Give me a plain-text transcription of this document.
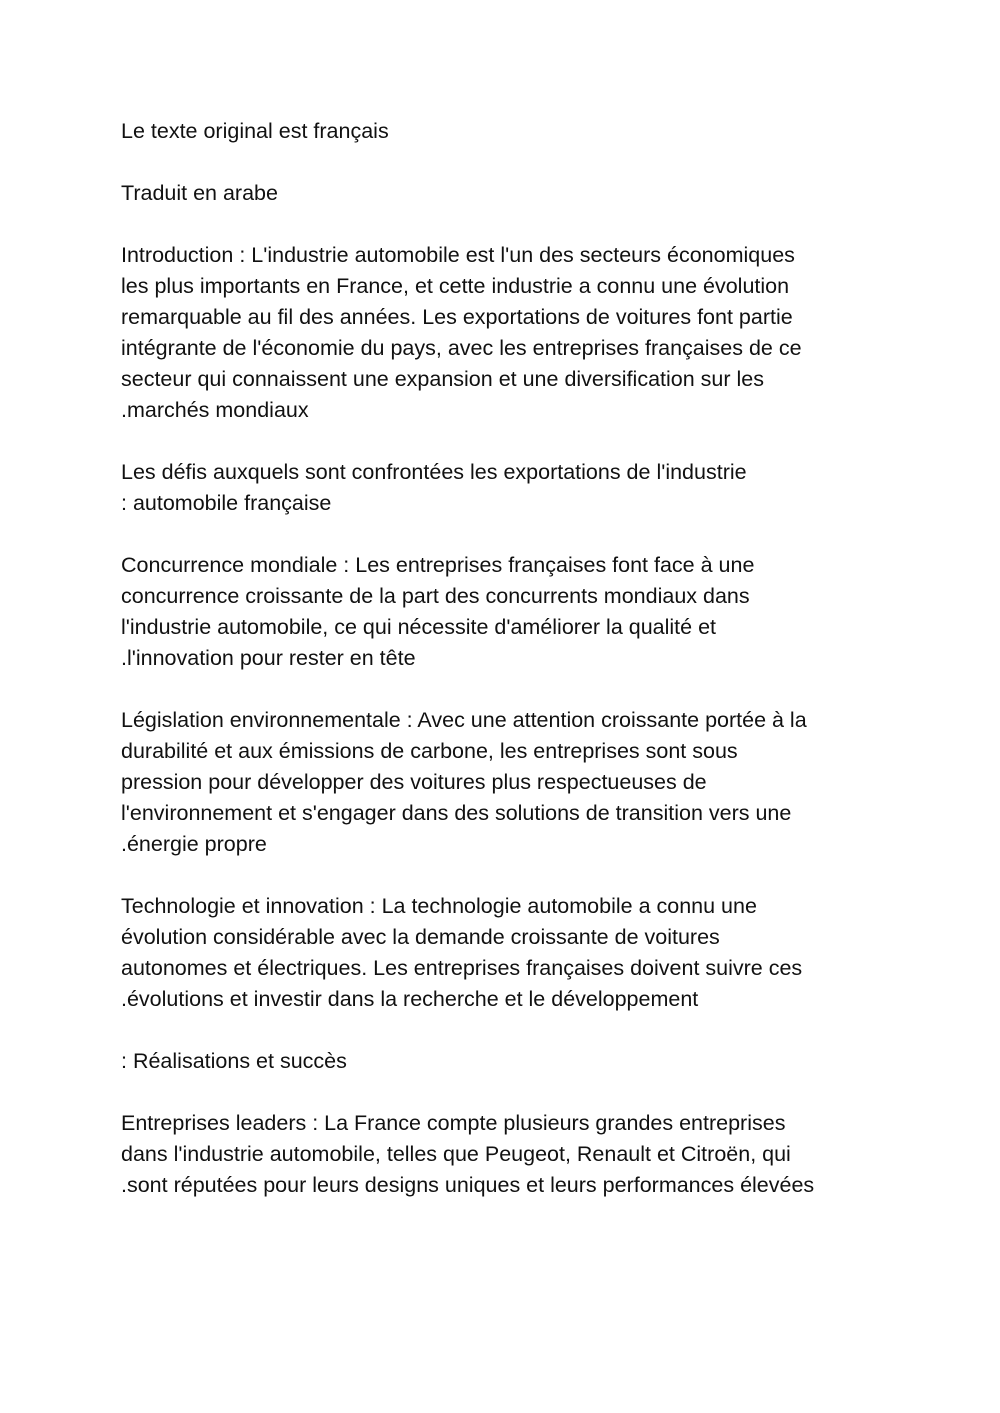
Le texte original est français

Traduit en arabe

Introduction : L'industrie automobile est l'un des secteurs économiques
les plus importants en France, et cette industrie a connu une évolution
remarquable au fil des années. Les exportations de voitures font partie
intégrante de l'économie du pays, avec les entreprises françaises de ce
secteur qui connaissent une expansion et une diversification sur les
.marchés mondiaux

Les défis auxquels sont confrontées les exportations de l'industrie
: automobile française

Concurrence mondiale : Les entreprises françaises font face à une
concurrence croissante de la part des concurrents mondiaux dans
l'industrie automobile, ce qui nécessite d'améliorer la qualité et
.l'innovation pour rester en tête

Législation environnementale : Avec une attention croissante portée à la
durabilité et aux émissions de carbone, les entreprises sont sous
pression pour développer des voitures plus respectueuses de
l'environnement et s'engager dans des solutions de transition vers une
.énergie propre

Technologie et innovation : La technologie automobile a connu une
évolution considérable avec la demande croissante de voitures
autonomes et électriques. Les entreprises françaises doivent suivre ces
.évolutions et investir dans la recherche et le développement

: Réalisations et succès

Entreprises leaders : La France compte plusieurs grandes entreprises
dans l'industrie automobile, telles que Peugeot, Renault et Citroën, qui
.sont réputées pour leurs designs uniques et leurs performances élevées
